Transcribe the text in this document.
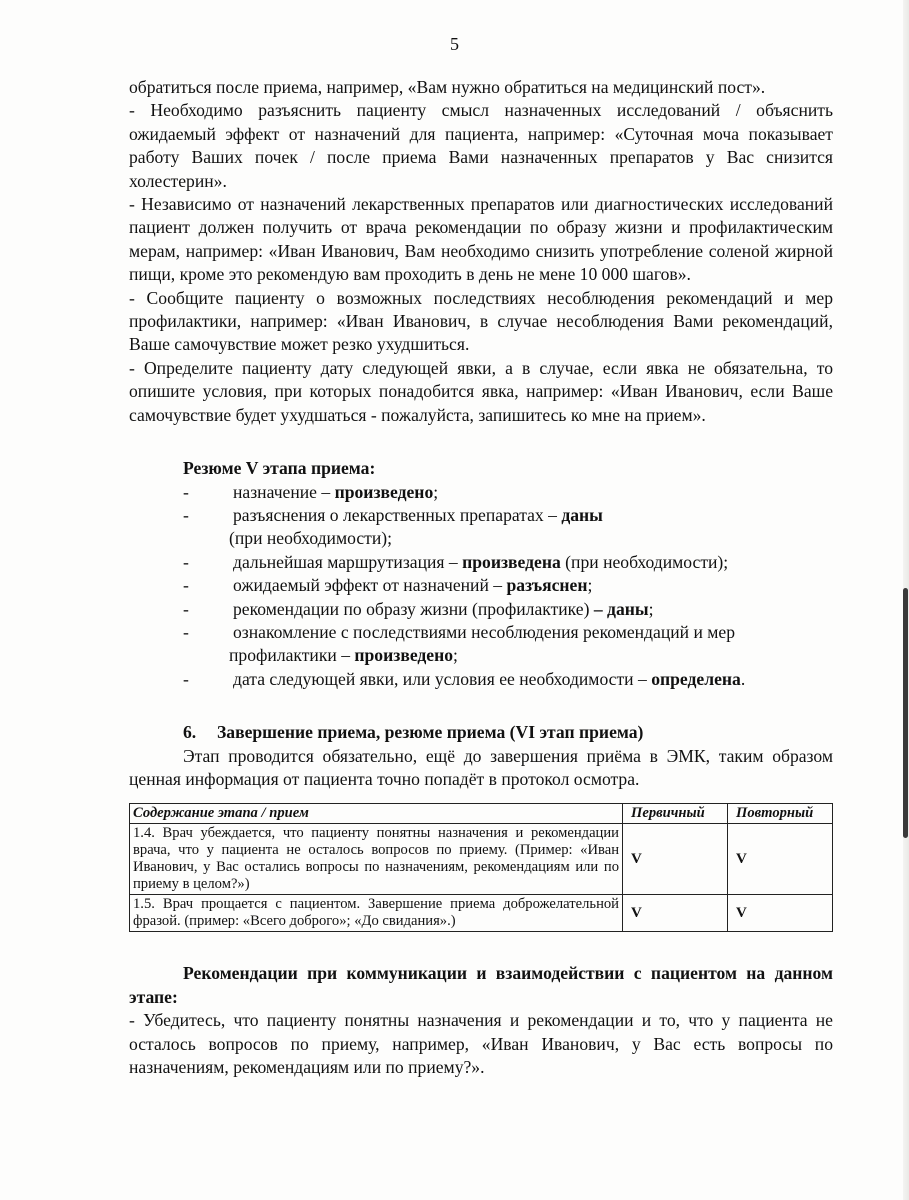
5

обратиться после приема, например, «Вам нужно обратиться на медицинский пост».

- Необходимо разъяснить пациенту смысл назначенных исследований / объяснить ожидаемый эффект от назначений для пациента, например: «Суточная моча показывает работу Ваших почек / после приема Вами назначенных препаратов у Вас снизится холестерин».

- Независимо от назначений лекарственных препаратов или диагностических исследований пациент должен получить от врача рекомендации по образу жизни и профилактическим мерам, например: «Иван Иванович, Вам необходимо снизить употребление соленой жирной пищи, кроме это рекомендую вам проходить в день не мене 10 000 шагов».

- Сообщите пациенту о возможных последствиях несоблюдения рекомендаций и мер профилактики, например: «Иван Иванович, в случае несоблюдения Вами рекомендаций, Ваше самочувствие может резко ухудшиться.

- Определите пациенту дату следующей явки, а в случае, если явка не обязательна, то опишите условия, при которых понадобится явка, например: «Иван Иванович, если Ваше самочувствие будет ухудшаться - пожалуйста, запишитесь ко мне на прием».

Резюме V этапа приема:
-	назначение – произведено;
-	разъяснения о лекарственных препаратах – даны
(при необходимости);
-	дальнейшая маршрутизация – произведена (при необходимости);
-	ожидаемый эффект от назначений – разъяснен;
-	рекомендации по образу жизни (профилактике) – даны;
-	ознакомление с последствиями несоблюдения рекомендаций и мер
профилактики – произведено;
-	дата следующей явки, или условия ее необходимости – определена.
6. Завершение приема, резюме приема (VI этап приема)

Этап проводится обязательно, ещё до завершения приёма в ЭМК, таким образом ценная информация от пациента точно попадёт в протокол осмотра.

Содержание этапа / прием	Первичный	Повторный
1.4. Врач убеждается, что пациенту понятны назначения и рекомендации врача, что у пациента не осталось вопросов по приему. (Пример: «Иван Иванович, у Вас остались вопросы по назначениям, рекомендациям или по приему в целом?»)	V	V
1.5. Врач прощается с пациентом. Завершение приема доброжелательной фразой. (пример: «Всего доброго»; «До свидания».)	V	V

Рекомендации при коммуникации и взаимодействии с пациентом на данном этапе:

- Убедитесь, что пациенту понятны назначения и рекомендации и то, что у пациента не осталось вопросов по приему, например, «Иван Иванович, у Вас есть вопросы по назначениям, рекомендациям или по приему?».
